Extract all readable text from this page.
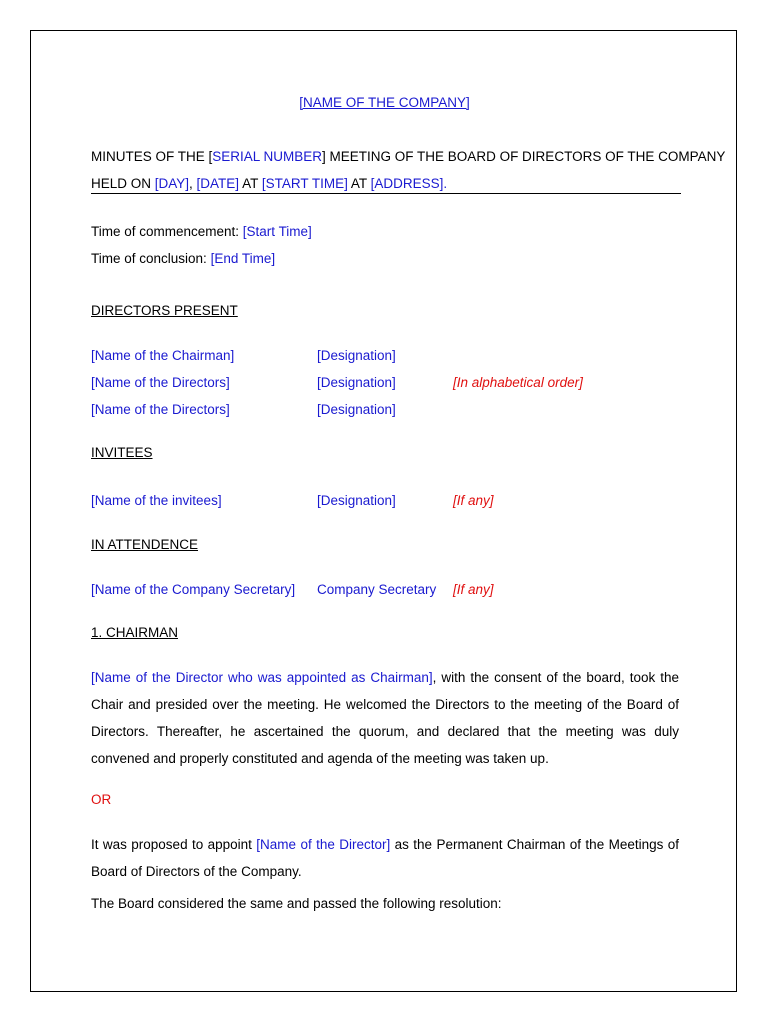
[NAME OF THE COMPANY]
MINUTES OF THE [SERIAL NUMBER] MEETING OF THE BOARD OF DIRECTORS OF THE COMPANY
HELD ON [DAY], [DATE] AT [START TIME] AT [ADDRESS].
Time of commencement: [Start Time]
Time of conclusion: [End Time]
DIRECTORS PRESENT
[Name of the Chairman]	[Designation]
[Name of the Directors]	[Designation]	[In alphabetical order]
[Name of the Directors]	[Designation]
INVITEES
[Name of the invitees]	[Designation]	[If any]
IN ATTENDENCE
[Name of the Company Secretary] Company Secretary [If any]
1. CHAIRMAN
[Name of the Director who was appointed as Chairman], with the consent of the board, took the Chair and presided over the meeting. He welcomed the Directors to the meeting of the Board of Directors. Thereafter, he ascertained the quorum, and declared that the meeting was duly convened and properly constituted and agenda of the meeting was taken up.
OR
It was proposed to appoint [Name of the Director] as the Permanent Chairman of the Meetings of Board of Directors of the Company.
The Board considered the same and passed the following resolution:
